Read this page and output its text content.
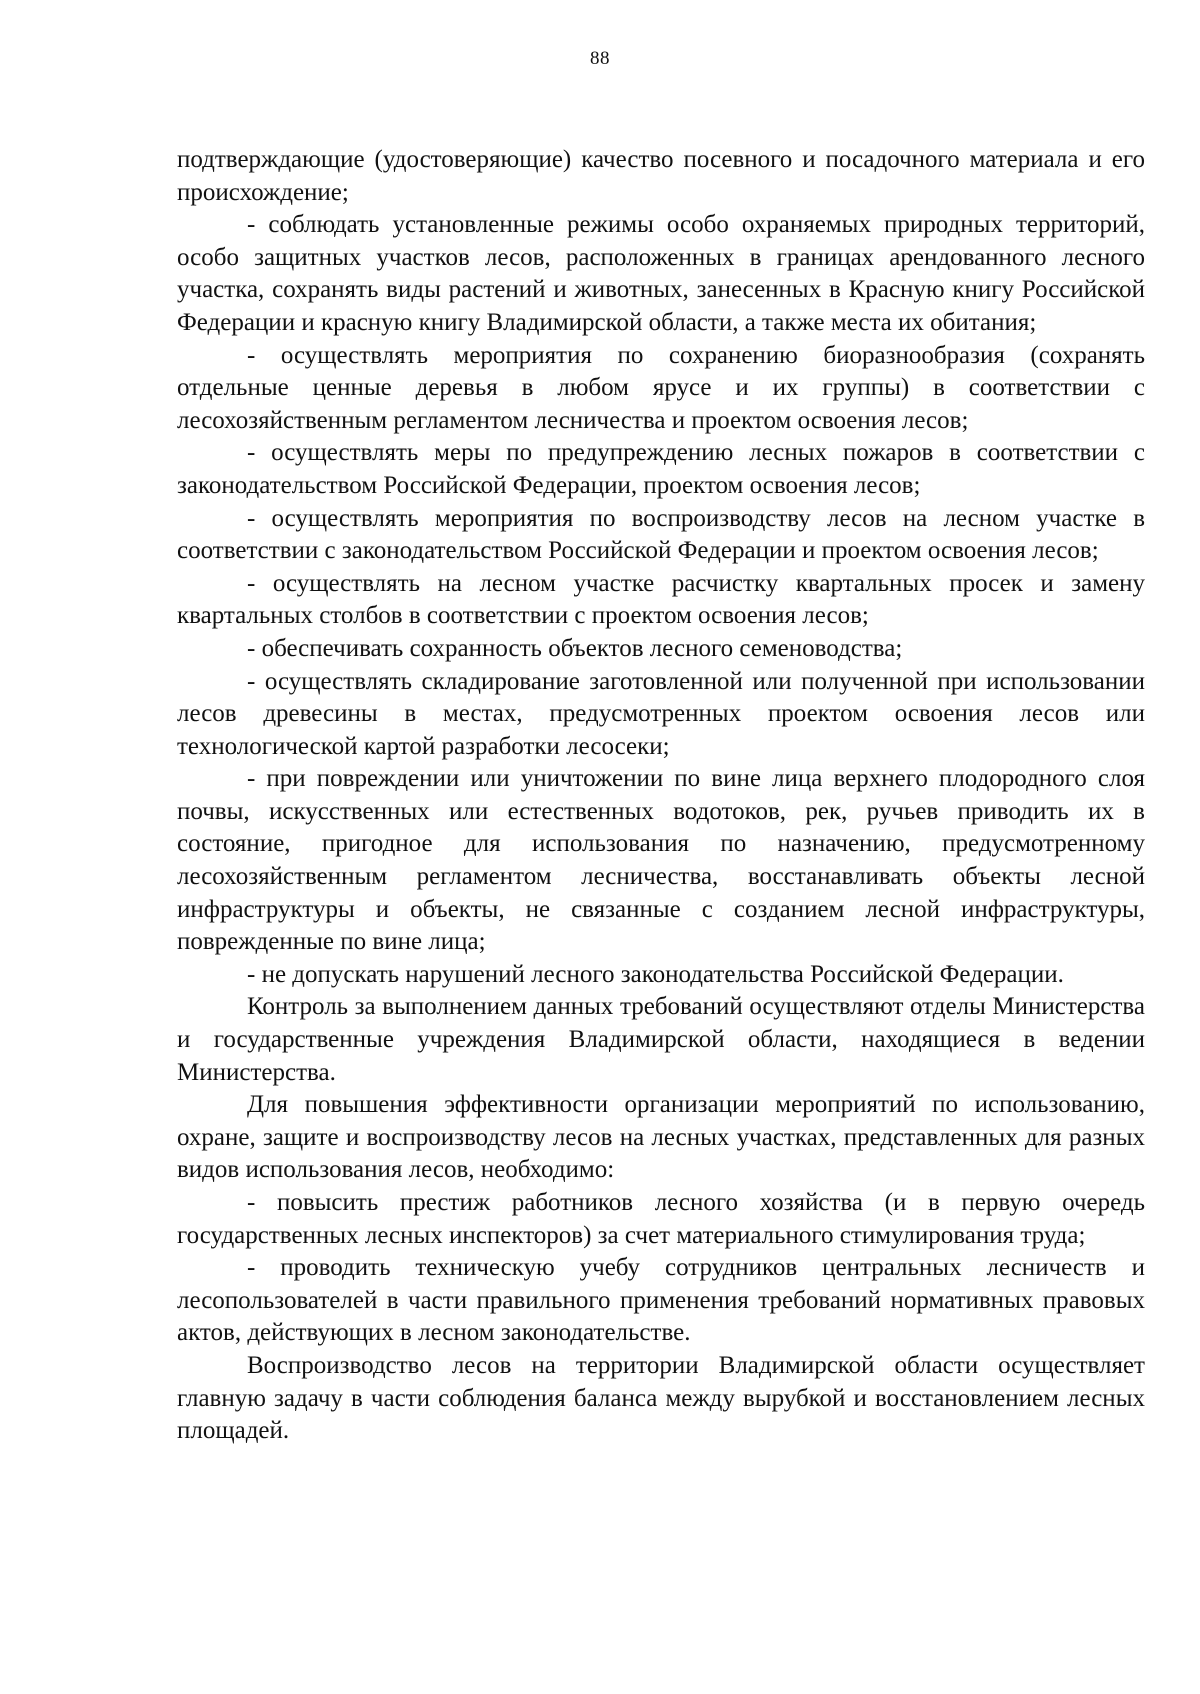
88

подтверждающие (удостоверяющие) качество посевного и посадочного материала и его происхождение;

- соблюдать установленные режимы особо охраняемых природных территорий, особо защитных участков лесов, расположенных в границах арендованного лесного участка, сохранять виды растений и животных, занесенных в Красную книгу Российской Федерации и красную книгу Владимирской области, а также места их обитания;

- осуществлять мероприятия по сохранению биоразнообразия (сохранять отдельные ценные деревья в любом ярусе и их группы) в соответствии с лесохозяйственным регламентом лесничества и проектом освоения лесов;

- осуществлять меры по предупреждению лесных пожаров в соответствии с законодательством Российской Федерации, проектом освоения лесов;

- осуществлять мероприятия по воспроизводству лесов на лесном участке в соответствии с законодательством Российской Федерации и проектом освоения лесов;

- осуществлять на лесном участке расчистку квартальных просек и замену квартальных столбов в соответствии с проектом освоения лесов;

- обеспечивать сохранность объектов лесного семеноводства;

- осуществлять складирование заготовленной или полученной при использовании лесов древесины в местах, предусмотренных проектом освоения лесов или технологической картой разработки лесосеки;

- при повреждении или уничтожении по вине лица верхнего плодородного слоя почвы, искусственных или естественных водотоков, рек, ручьев приводить их в состояние, пригодное для использования по назначению, предусмотренному лесохозяйственным регламентом лесничества, восстанавливать объекты лесной инфраструктуры и объекты, не связанные с созданием лесной инфраструктуры, поврежденные по вине лица;

- не допускать нарушений лесного законодательства Российской Федерации.

Контроль за выполнением данных требований осуществляют отделы Министерства и государственные учреждения Владимирской области, находящиеся в ведении Министерства.

Для повышения эффективности организации мероприятий по использованию, охране, защите и воспроизводству лесов на лесных участках, представленных для разных видов использования лесов, необходимо:

- повысить престиж работников лесного хозяйства (и в первую очередь государственных лесных инспекторов) за счет материального стимулирования труда;

- проводить техническую учебу сотрудников центральных лесничеств и лесопользователей в части правильного применения требований нормативных правовых актов, действующих в лесном законодательстве.

Воспроизводство лесов на территории Владимирской области осуществляет главную задачу в части соблюдения баланса между вырубкой и восстановлением лесных площадей.
